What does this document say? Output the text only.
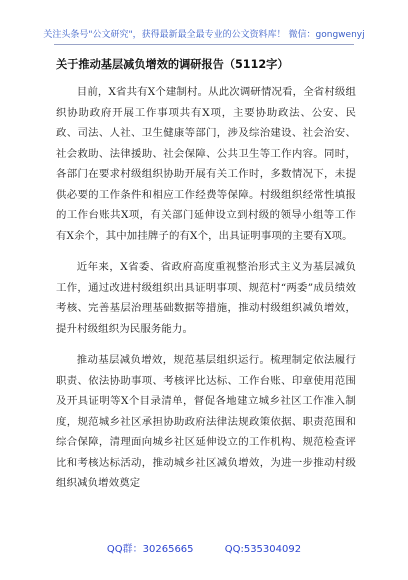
关注头条号"公文研究"，获得最新最全最专业的公文资料库！ 微信：gongwenyj
关于推动基层减负增效的调研报告（5112字）

目前，X省共有X个建制村。从此次调研情况看，全省村级组织协助政府开展工作事项共有X项，主要协助政法、公安、民政、司法、人社、卫生健康等部门，涉及综治建设、社会治安、社会救助、法律援助、社会保障、公共卫生等工作内容。同时，各部门在要求村级组织协助开展有关工作时，多数情况下，未提供必要的工作条件和相应工作经费等保障。村级组织经常性填报的工作台账共X项，有关部门延伸设立到村级的领导小组等工作有X余个，其中加挂牌子的有X个，出具证明事项的主要有X项。

近年来，X省委、省政府高度重视整治形式主义为基层减负工作，通过改进村级组织出具证明事项、规范村“两委”成员绩效考核、完善基层治理基础数据等措施，推动村级组织减负增效，提升村级组织为民服务能力。

推动基层减负增效，规范基层组织运行。梳理制定依法履行职责、依法协助事项、考核评比达标、工作台账、印章使用范围及开具证明等X个目录清单，督促各地建立城乡社区工作准入制度，规范城乡社区承担协助政府法律法规政策依据、职责范围和综合保障，清理面向城乡社区延伸设立的工作机构、规范检查评比和考核达标活动，推动城乡社区减负增效，为进一步推动村级组织减负增效奠定

QQ群：30265665	QQ:535304092
